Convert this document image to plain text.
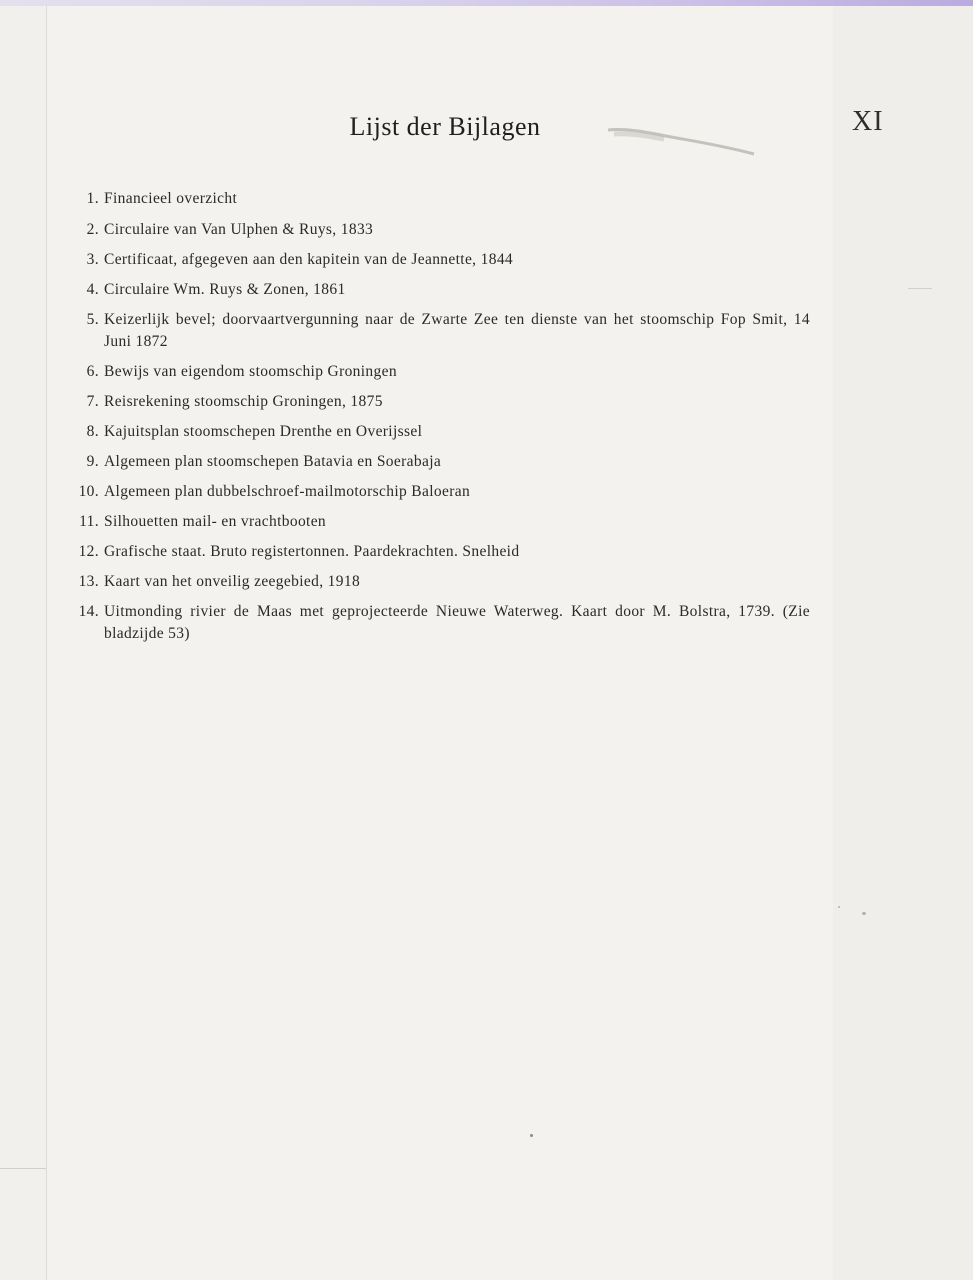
Lijst der Bijlagen	XI
1. Financieel overzicht
2. Circulaire van Van Ulphen & Ruys, 1833
3. Certificaat, afgegeven aan den kapitein van de Jeannette, 1844
4. Circulaire Wm. Ruys & Zonen, 1861
5. Keizerlijk bevel; doorvaartvergunning naar de Zwarte Zee ten dienste van het stoomschip Fop Smit, 14 Juni 1872
6. Bewijs van eigendom stoomschip Groningen
7. Reisrekening stoomschip Groningen, 1875
8. Kajuitsplan stoomschepen Drenthe en Overijssel
9. Algemeen plan stoomschepen Batavia en Soerabaja
10. Algemeen plan dubbelschroef-mailmotorschip Baloeran
11. Silhouetten mail- en vrachtbooten
12. Grafische staat. Bruto registertonnen. Paardekrachten. Snelheid
13. Kaart van het onveilig zeegebied, 1918
14. Uitmonding rivier de Maas met geprojecteerde Nieuwe Waterweg. Kaart door M. Bolstra, 1739. (Zie bladzijde 53)
